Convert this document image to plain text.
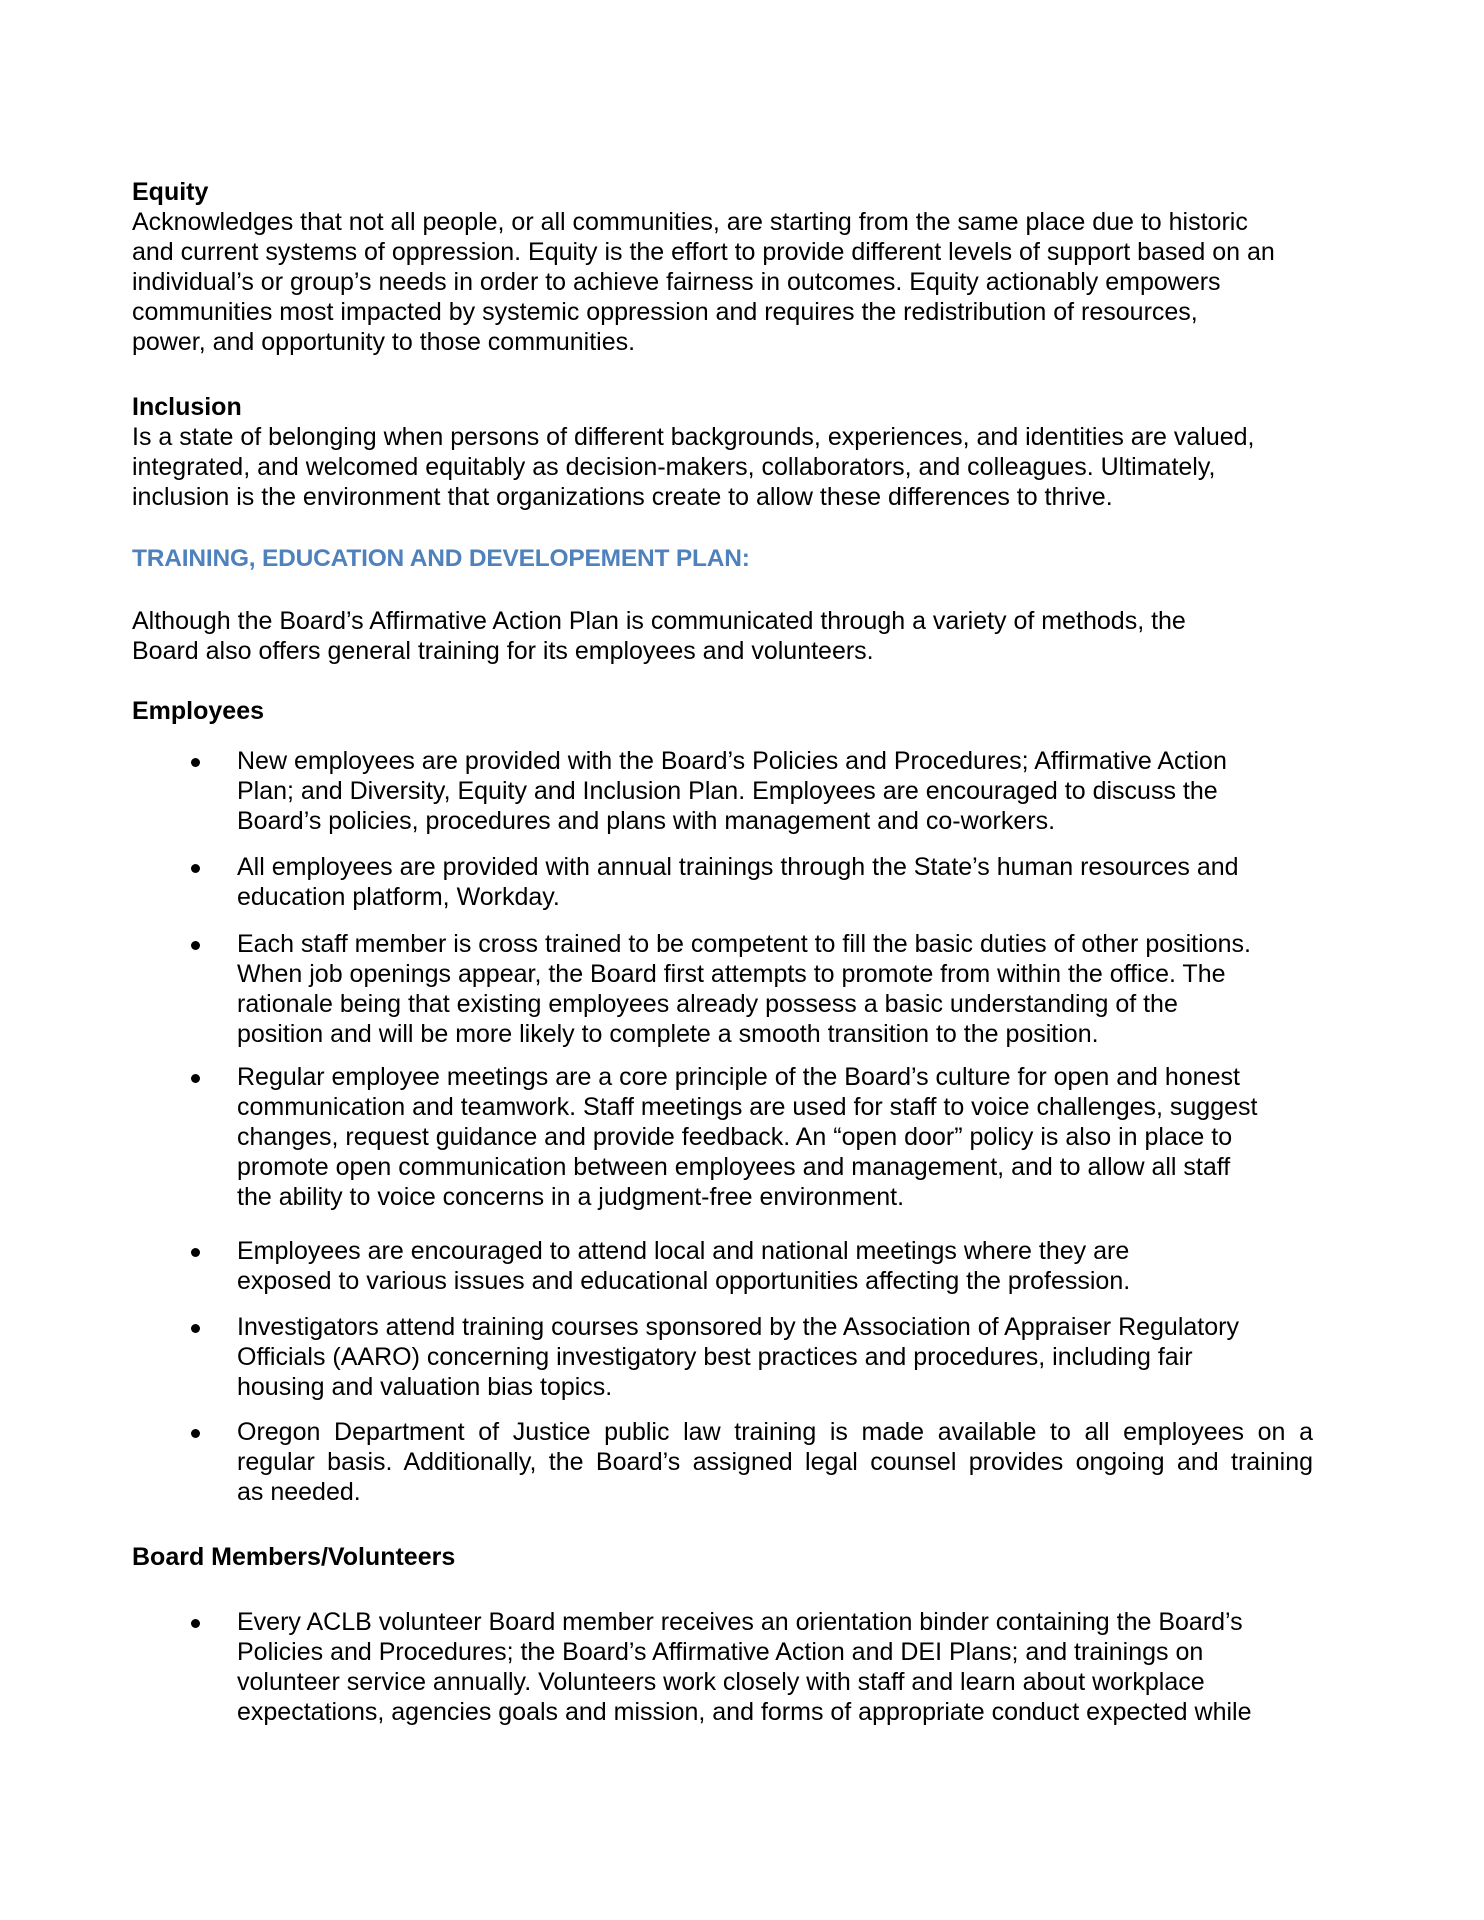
Equity
Acknowledges that not all people, or all communities, are starting from the same place due to historic
and current systems of oppression. Equity is the effort to provide different levels of support based on an
individual’s or group’s needs in order to achieve fairness in outcomes. Equity actionably empowers
communities most impacted by systemic oppression and requires the redistribution of resources,
power, and opportunity to those communities.
Inclusion
Is a state of belonging when persons of different backgrounds, experiences, and identities are valued,
integrated, and welcomed equitably as decision-makers, collaborators, and colleagues. Ultimately,
inclusion is the environment that organizations create to allow these differences to thrive.
TRAINING, EDUCATION AND DEVELOPEMENT PLAN:
Although the Board’s Affirmative Action Plan is communicated through a variety of methods, the
Board also offers general training for its employees and volunteers.
Employees
New employees are provided with the Board’s Policies and Procedures; Affirmative Action
Plan; and Diversity, Equity and Inclusion Plan. Employees are encouraged to discuss the
Board’s policies, procedures and plans with management and co-workers.
All employees are provided with annual trainings through the State’s human resources and
education platform, Workday.
Each staff member is cross trained to be competent to fill the basic duties of other positions.
When job openings appear, the Board first attempts to promote from within the office. The
rationale being that existing employees already possess a basic understanding of the
position and will be more likely to complete a smooth transition to the position.
Regular employee meetings are a core principle of the Board’s culture for open and honest
communication and teamwork. Staff meetings are used for staff to voice challenges, suggest
changes, request guidance and provide feedback. An “open door” policy is also in place to
promote open communication between employees and management, and to allow all staff
the ability to voice concerns in a judgment-free environment.
Employees are encouraged to attend local and national meetings where they are
exposed to various issues and educational opportunities affecting the profession.
Investigators attend training courses sponsored by the Association of Appraiser Regulatory
Officials (AARO) concerning investigatory best practices and procedures, including fair
housing and valuation bias topics.
Oregon Department of Justice public law training is made available to all employees on a
regular basis. Additionally, the Board’s assigned legal counsel provides ongoing and training
as needed.
Board Members/Volunteers
Every ACLB volunteer Board member receives an orientation binder containing the Board’s
Policies and Procedures; the Board’s Affirmative Action and DEI Plans; and trainings on
volunteer service annually. Volunteers work closely with staff and learn about workplace
expectations, agencies goals and mission, and forms of appropriate conduct expected while
